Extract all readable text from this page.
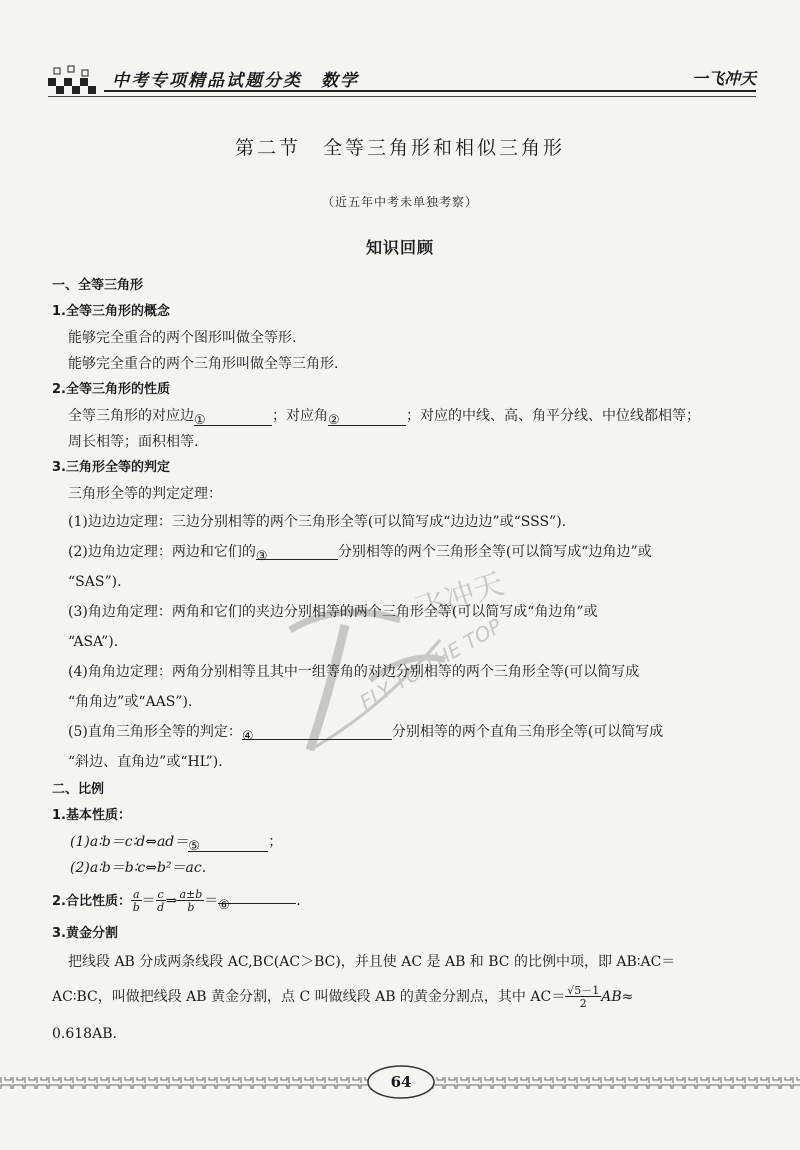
中考专项精品试题分类　数学	一飞冲天
第二节　全等三角形和相似三角形
（近五年中考未单独考察）
知识回顾
飞冲天
FLY TO THE TOP
一、全等三角形
1.全等三角形的概念
能够完全重合的两个图形叫做全等形.
能够完全重合的两个三角形叫做全等三角形.
2.全等三角形的性质
全等三角形的对应边①	；对应角②	；对应的中线、高、角平分线、中位线都相等；
周长相等；面积相等.
3.三角形全等的判定
三角形全等的判定定理：
(1)边边边定理：三边分别相等的两个三角形全等(可以简写成“边边边”或“SSS”).
(2)边角边定理：两边和它们的③	分别相等的两个三角形全等(可以简写成“边角边”或
“SAS”).
(3)角边角定理：两角和它们的夹边分别相等的两个三角形全等(可以简写成“角边角”或
“ASA”).
(4)角角边定理：两角分别相等且其中一组等角的对边分别相等的两个三角形全等(可以简写成
“角角边”或“AAS”).
(5)直角三角形全等的判定：④	分别相等的两个直角三角形全等(可以简写成
“斜边、直角边”或“HL”).
二、比例
1.基本性质：
(1)a∶b＝c∶d⇔ad＝⑤	；
(2)a∶b＝b∶c⇔b²＝ac.
2.合比性质： $\frac{a}{b} = \frac{c}{d}$ ⇒ $\frac{a\pm b}{b}$ ＝⑥	.
3.黄金分割
把线段 AB 分成两条线段 AC,BC(AC＞BC)，并且使 AC 是 AB 和 BC 的比例中项，即 AB∶AC＝
AC∶BC，叫做把线段 AB 黄金分割，点 C 叫做线段 AB 的黄金分割点，其中 $AC= \frac{√5-1}{2} AB\approx$
0.618AB.
64
